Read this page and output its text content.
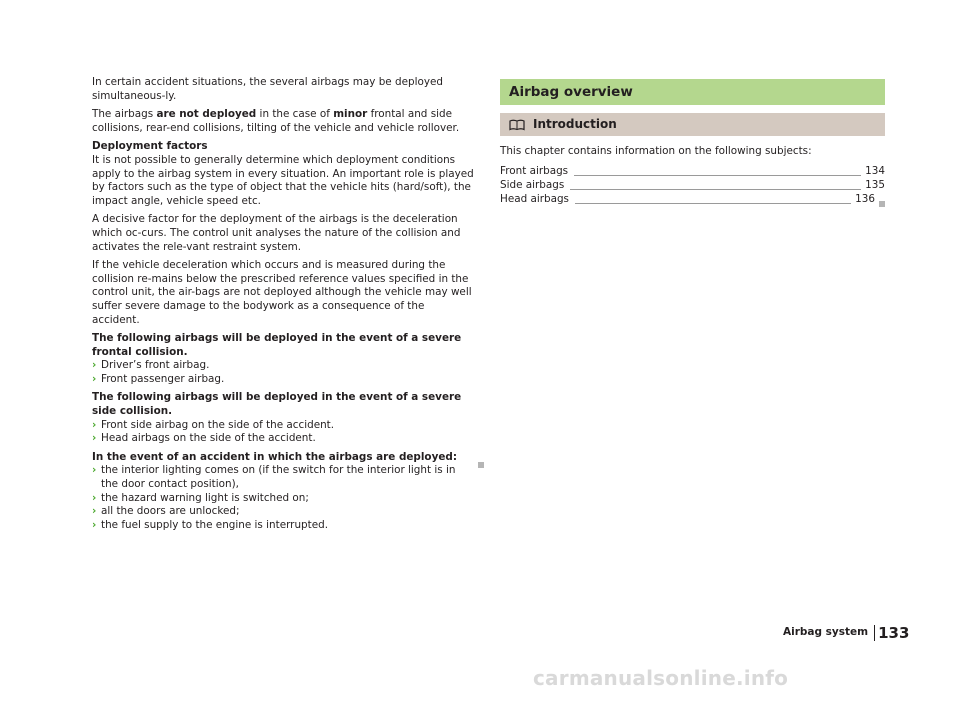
In certain accident situations, the several airbags may be deployed simultaneous-ly.

The airbags are not deployed in the case of minor frontal and side collisions, rear-end collisions, tilting of the vehicle and vehicle rollover.

Deployment factors

It is not possible to generally determine which deployment conditions apply to the airbag system in every situation. An important role is played by factors such as the type of object that the vehicle hits (hard/soft), the impact angle, vehicle speed etc.

A decisive factor for the deployment of the airbags is the deceleration which oc-curs. The control unit analyses the nature of the collision and activates the rele-vant restraint system.

If the vehicle deceleration which occurs and is measured during the collision re-mains below the prescribed reference values specified in the control unit, the air-bags are not deployed although the vehicle may well suffer severe damage to the bodywork as a consequence of the accident.

The following airbags will be deployed in the event of a severe frontal collision.

› Driver’s front airbag.
› Front passenger airbag.

The following airbags will be deployed in the event of a severe side collision.

› Front side airbag on the side of the accident.
› Head airbags on the side of the accident.

In the event of an accident in which the airbags are deployed:

› the interior lighting comes on (if the switch for the interior light is in the door contact position),
› the hazard warning light is switched on;
› all the doors are unlocked;
› the fuel supply to the engine is interrupted.
Airbag overview
Introduction

This chapter contains information on the following subjects:

Front airbags	134
Side airbags	135
Head airbags	136
Airbag system 133
carmanualsonline.info
